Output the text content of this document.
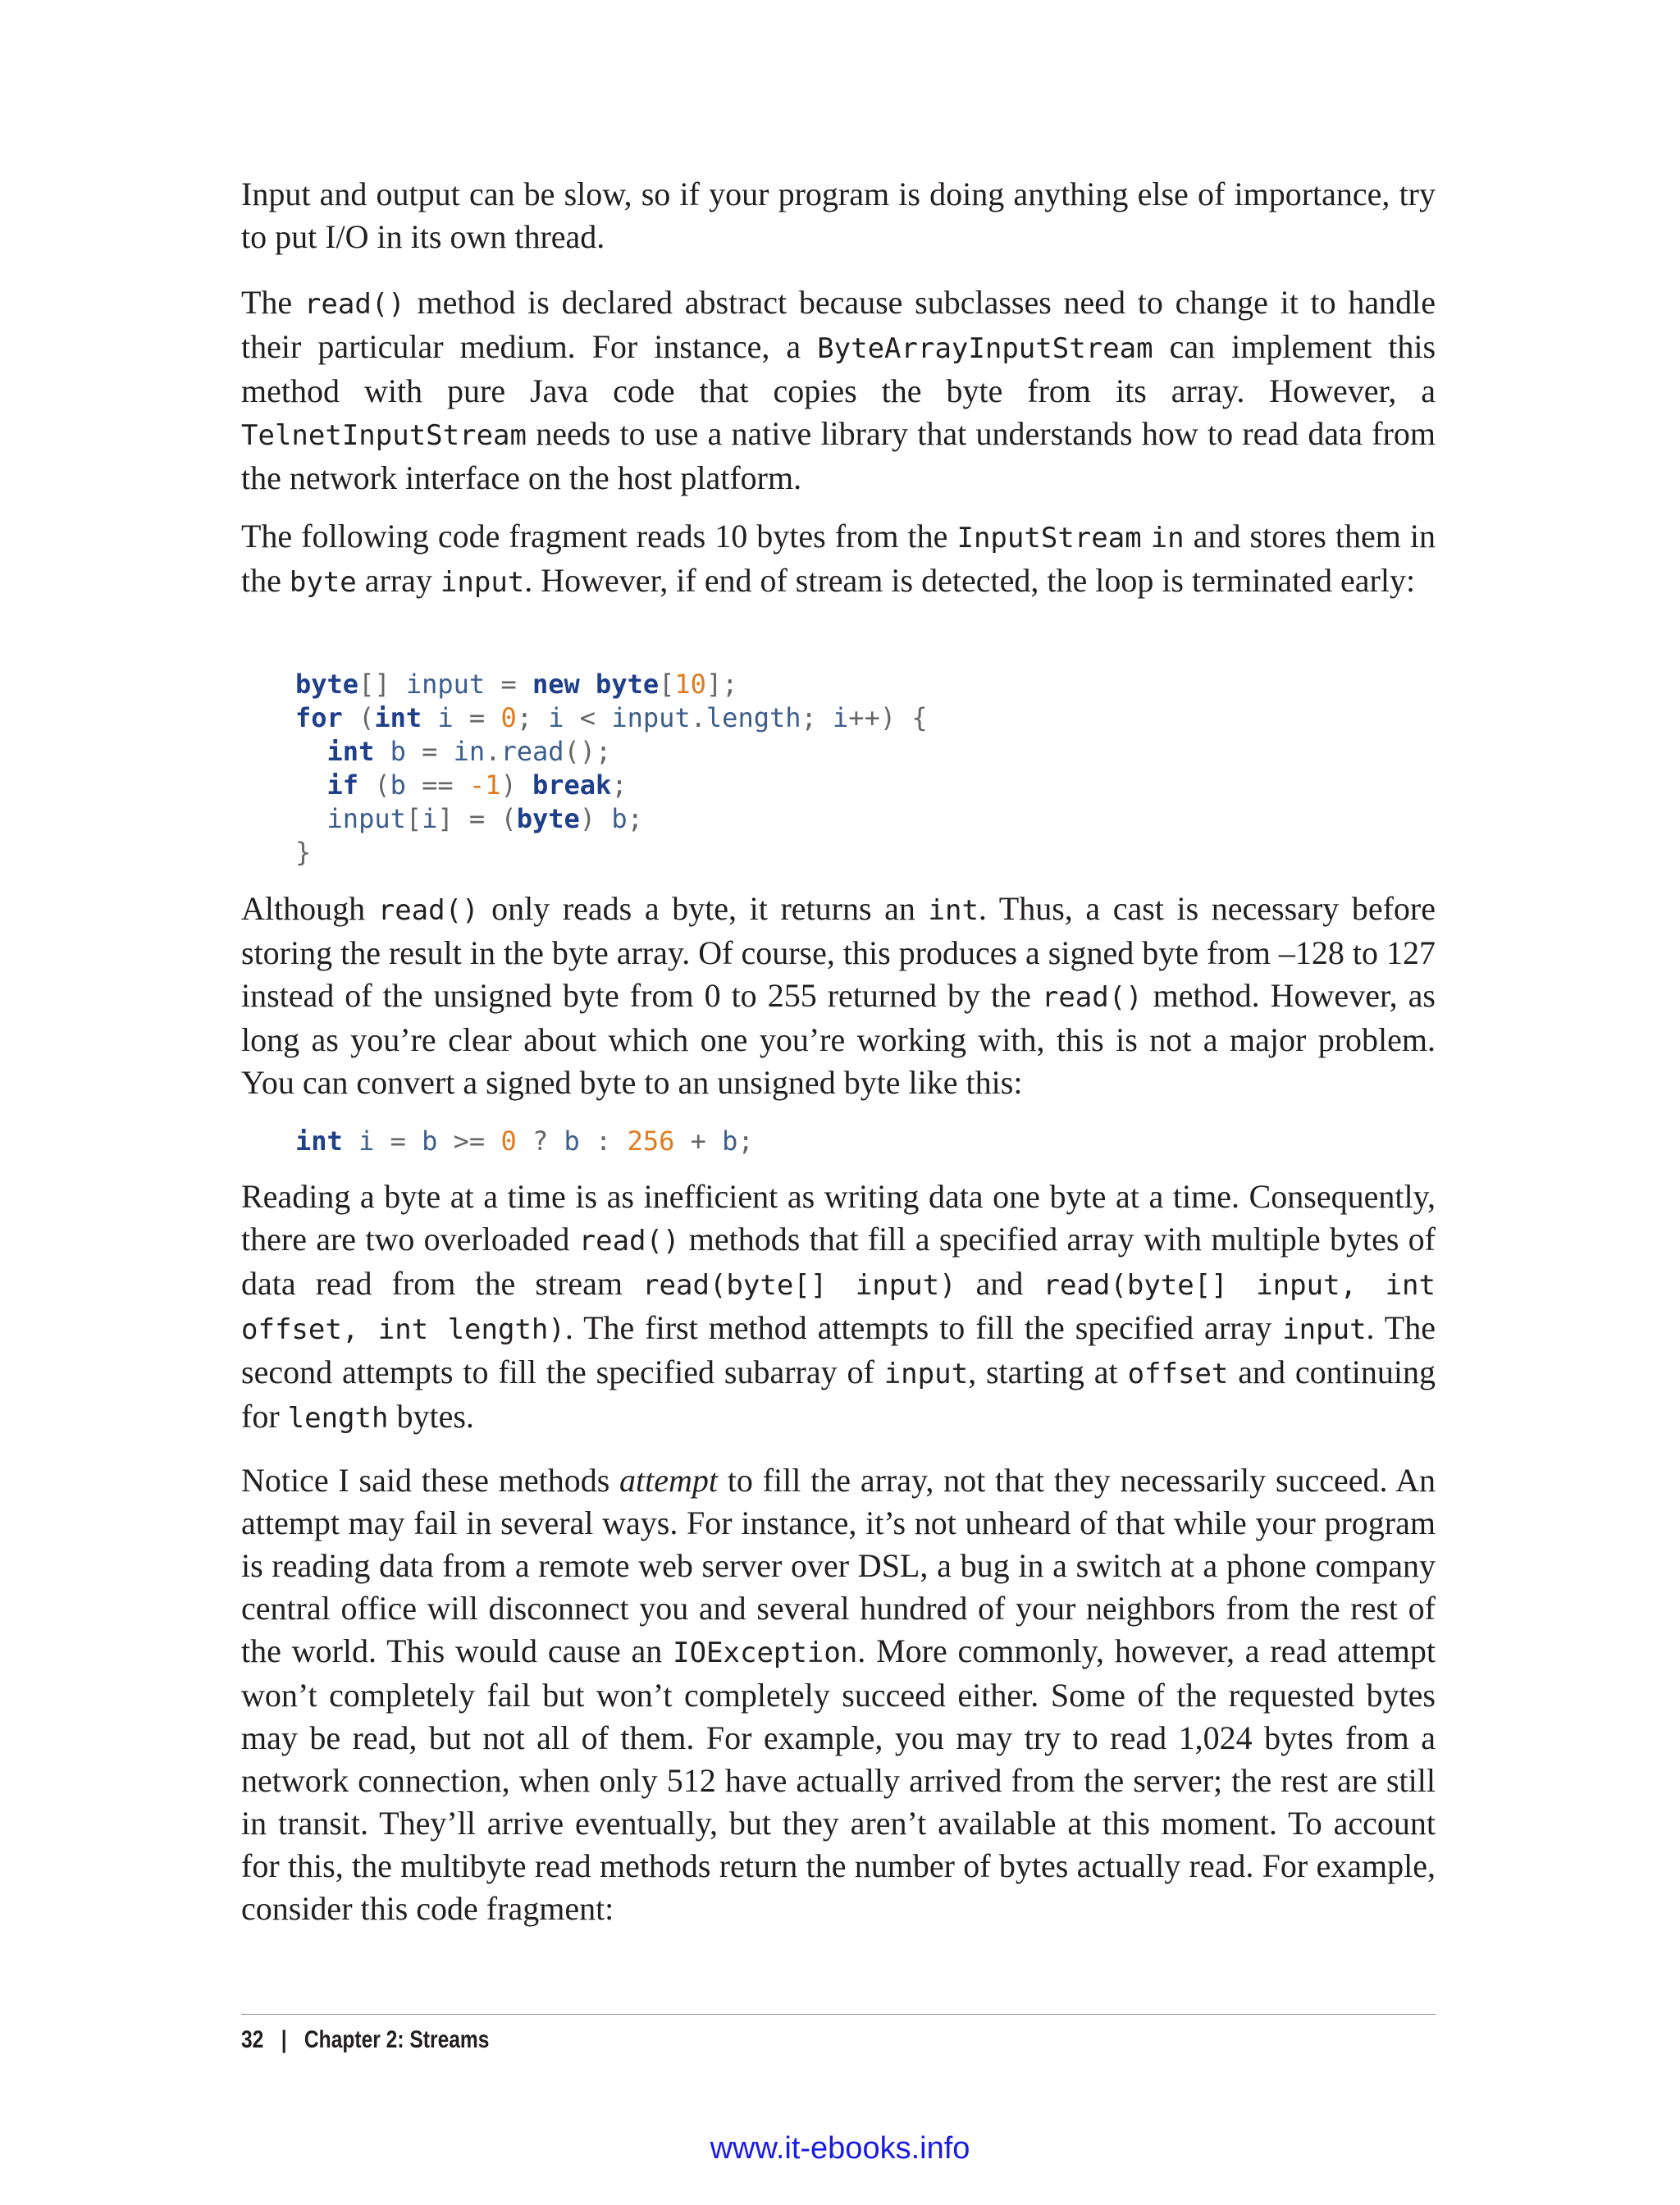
Input and output can be slow, so if your program is doing anything else of importance, try to put I/O in its own thread.

The read() method is declared abstract because subclasses need to change it to handle their particular medium. For instance, a ByteArrayInputStream can implement this method with pure Java code that copies the byte from its array. However, a TelnetInputStream needs to use a native library that understands how to read data from the network interface on the host platform.

The following code fragment reads 10 bytes from the InputStream in and stores them in the byte array input. However, if end of stream is detected, the loop is terminated early:

byte[] input = new byte[10];
for (int i = 0; i < input.length; i++) {
int b = in.read();
if (b == -1) break;
input[i] = (byte) b;
}

Although read() only reads a byte, it returns an int. Thus, a cast is necessary before storing the result in the byte array. Of course, this produces a signed byte from –128 to 127 instead of the unsigned byte from 0 to 255 returned by the read() method. However, as long as you’re clear about which one you’re working with, this is not a major problem. You can convert a signed byte to an unsigned byte like this:

int i = b >= 0 ? b : 256 + b;

Reading a byte at a time is as inefficient as writing data one byte at a time. Consequently, there are two overloaded read() methods that fill a specified array with multiple bytes of data read from the stream read(byte[] input) and read(byte[] input, int offset, int length). The first method attempts to fill the specified array input. The second attempts to fill the specified subarray of input, starting at offset and continuing for length bytes.

Notice I said these methods attempt to fill the array, not that they necessarily succeed. An attempt may fail in several ways. For instance, it’s not unheard of that while your program is reading data from a remote web server over DSL, a bug in a switch at a phone company central office will disconnect you and several hundred of your neighbors from the rest of the world. This would cause an IOException. More commonly, however, a read attempt won’t completely fail but won’t completely succeed either. Some of the requested bytes may be read, but not all of them. For example, you may try to read 1,024 bytes from a network connection, when only 512 have actually arrived from the server; the rest are still in transit. They’ll arrive eventually, but they aren’t available at this moment. To account for this, the multibyte read methods return the number of bytes actually read. For example, consider this code fragment:

32 | Chapter 2: Streams
www.it-ebooks.info
